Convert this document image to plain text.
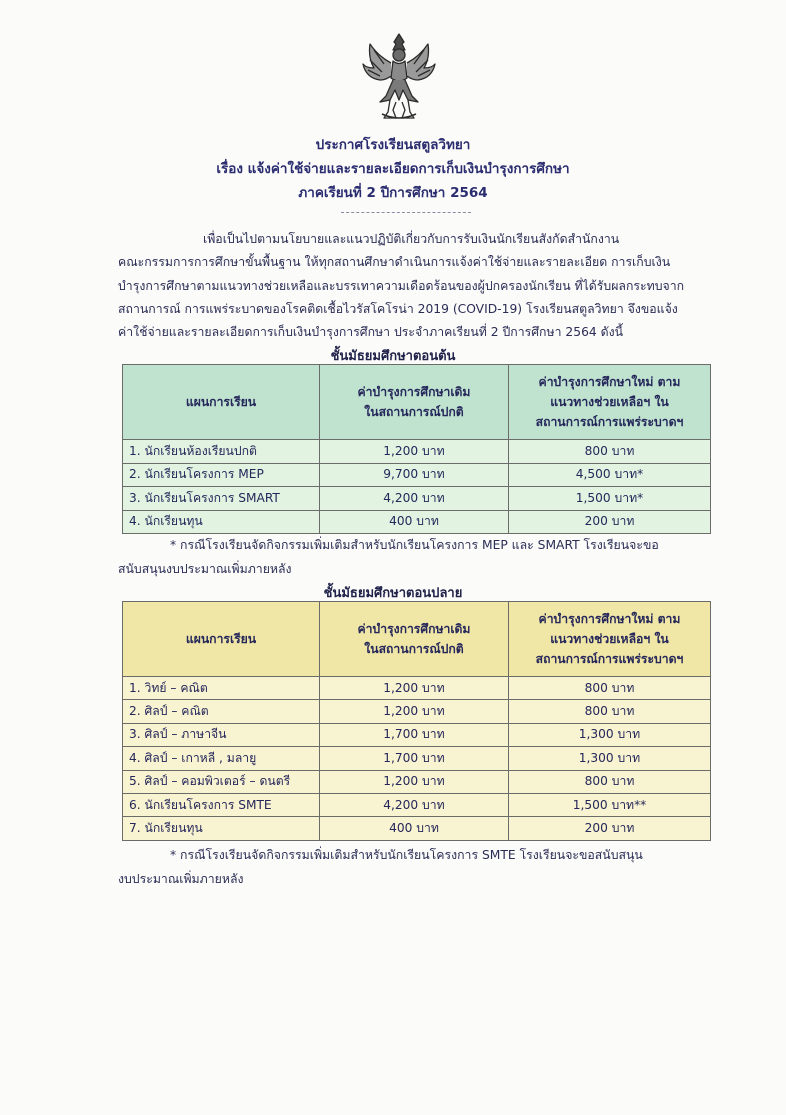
ประกาศโรงเรียนสตูลวิทยา
เรื่อง แจ้งค่าใช้จ่ายและรายละเอียดการเก็บเงินบำรุงการศึกษา
ภาคเรียนที่ 2 ปีการศึกษา 2564
เพื่อเป็นไปตามนโยบายและแนวปฏิบัติเกี่ยวกับการรับเงินนักเรียนสังกัดสำนักงาน
คณะกรรมการการศึกษาขั้นพื้นฐาน ให้ทุกสถานศึกษาดำเนินการแจ้งค่าใช้จ่ายและรายละเอียด การเก็บเงิน
บำรุงการศึกษาตามแนวทางช่วยเหลือและบรรเทาความเดือดร้อนของผู้ปกครองนักเรียน ที่ได้รับผลกระทบจาก
สถานการณ์ การแพร่ระบาดของโรคติดเชื้อไวรัสโคโรน่า 2019 (COVID-19) โรงเรียนสตูลวิทยา จึงขอแจ้ง
ค่าใช้จ่ายและรายละเอียดการเก็บเงินบำรุงการศึกษา ประจำภาคเรียนที่ 2 ปีการศึกษา 2564 ดังนี้
ชั้นมัธยมศึกษาตอนต้น
แผนการเรียน	ค่าบำรุงการศึกษาเดิม ในสถานการณ์ปกติ	ค่าบำรุงการศึกษาใหม่ ตามแนวทางช่วยเหลือฯ ในสถานการณ์การแพร่ระบาดฯ
1. นักเรียนห้องเรียนปกติ	1,200 บาท	800 บาท
2. นักเรียนโครงการ MEP	9,700 บาท	4,500 บาท*
3. นักเรียนโครงการ SMART	4,200 บาท	1,500 บาท*
4. นักเรียนทุน	400 บาท	200 บาท
* กรณีโรงเรียนจัดกิจกรรมเพิ่มเติมสำหรับนักเรียนโครงการ MEP และ SMART โรงเรียนจะขอ
สนับสนุนงบประมาณเพิ่มภายหลัง
ชั้นมัธยมศึกษาตอนปลาย
แผนการเรียน	ค่าบำรุงการศึกษาเดิม ในสถานการณ์ปกติ	ค่าบำรุงการศึกษาใหม่ ตามแนวทางช่วยเหลือฯ ในสถานการณ์การแพร่ระบาดฯ
1. วิทย์ – คณิต	1,200 บาท	800 บาท
2. ศิลป์ – คณิต	1,200 บาท	800 บาท
3. ศิลป์ – ภาษาจีน	1,700 บาท	1,300 บาท
4. ศิลป์ – เกาหลี , มลายู	1,700 บาท	1,300 บาท
5. ศิลป์ – คอมพิวเตอร์ – ดนตรี	1,200 บาท	800 บาท
6. นักเรียนโครงการ SMTE	4,200 บาท	1,500 บาท**
7. นักเรียนทุน	400 บาท	200 บาท
* กรณีโรงเรียนจัดกิจกรรมเพิ่มเติมสำหรับนักเรียนโครงการ SMTE โรงเรียนจะขอสนับสนุน
งบประมาณเพิ่มภายหลัง
